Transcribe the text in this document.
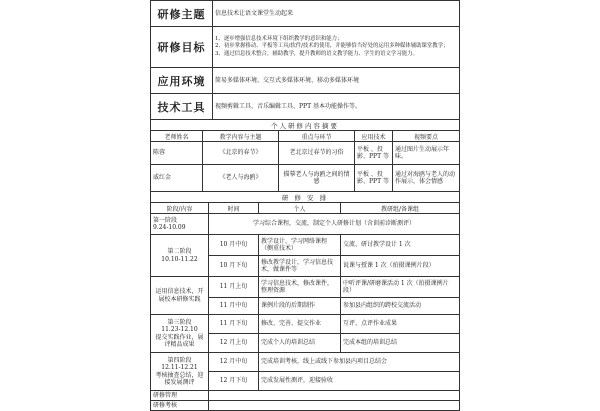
研修主题	信息技术让语文课堂生动起来
研修目标	1、逐步增强信息技术环境下组织教学的意识和能力；
2、初步掌握移动、平板等工具/软件/技术的使用，并能够恰当好处的运用多种媒体辅助课堂教学；
3、通过信息技术整合，辅助教学，提升教师的语文教学能力、学生的语文学习能力。

应用环境	简易多媒体环境、交互式多媒体环境、移动多媒体环境
技术工具	视频剪辑工具、音乐编辑工具、PPT 基本功能操作等。
个人研修内容摘要				
老师姓名	教学内容与主题	重点与环节	应用技术	视频要点
陈蓉	《北京的春节》	老北京过春节的习俗	平板 、投影、PPT 等	通过图片生动展示年味。
戚红金	《老人与海鸥》	描摹老人与海鸥之间的情感	平板 、投影、PPT 等	通过对海鸥与老人的动作展示，体会情感
研 修 安 排			
阶段/内容	时间	个人	教研组/备课组
第一阶段
9.24-10.09	学习综合课程，交流，制定个人研修计划（含训前诊断测评）		
第二阶段
10.10-11.22	10 月中旬	教学设计、学习网络课程（侧重技术）	交流、研讨教学设计 1 次
	10 月下旬	修改教学设计，学习信息技术，做课件等	说课与授课 1 次（拍摄课例片段）
运用信息技术，开展校本研修实践	11 月上旬	学习信息技术，修改课件，整理资源	中听评课/研磨课活动 1 次（拍摄课例片段）
	11 月中旬	课例片段的后期制作	参加县内组织的跨校交流活动
第三阶段
11.23-12.10
提交实践作业，展评精品成果	11 月下旬	修改、完善、提交作业	互评、点评作业成果
	12 月上旬	完成个人的培训总结	完成本组的培训总结
第四阶段
12.11-12.21
考核抽查总结，迎接发展测评	12 月中旬	完成培训考核，线上或线下参加县内项目总结会	
	12 月下旬	完成发展性测评，迎接验收	
研修管理			
研修考核			
